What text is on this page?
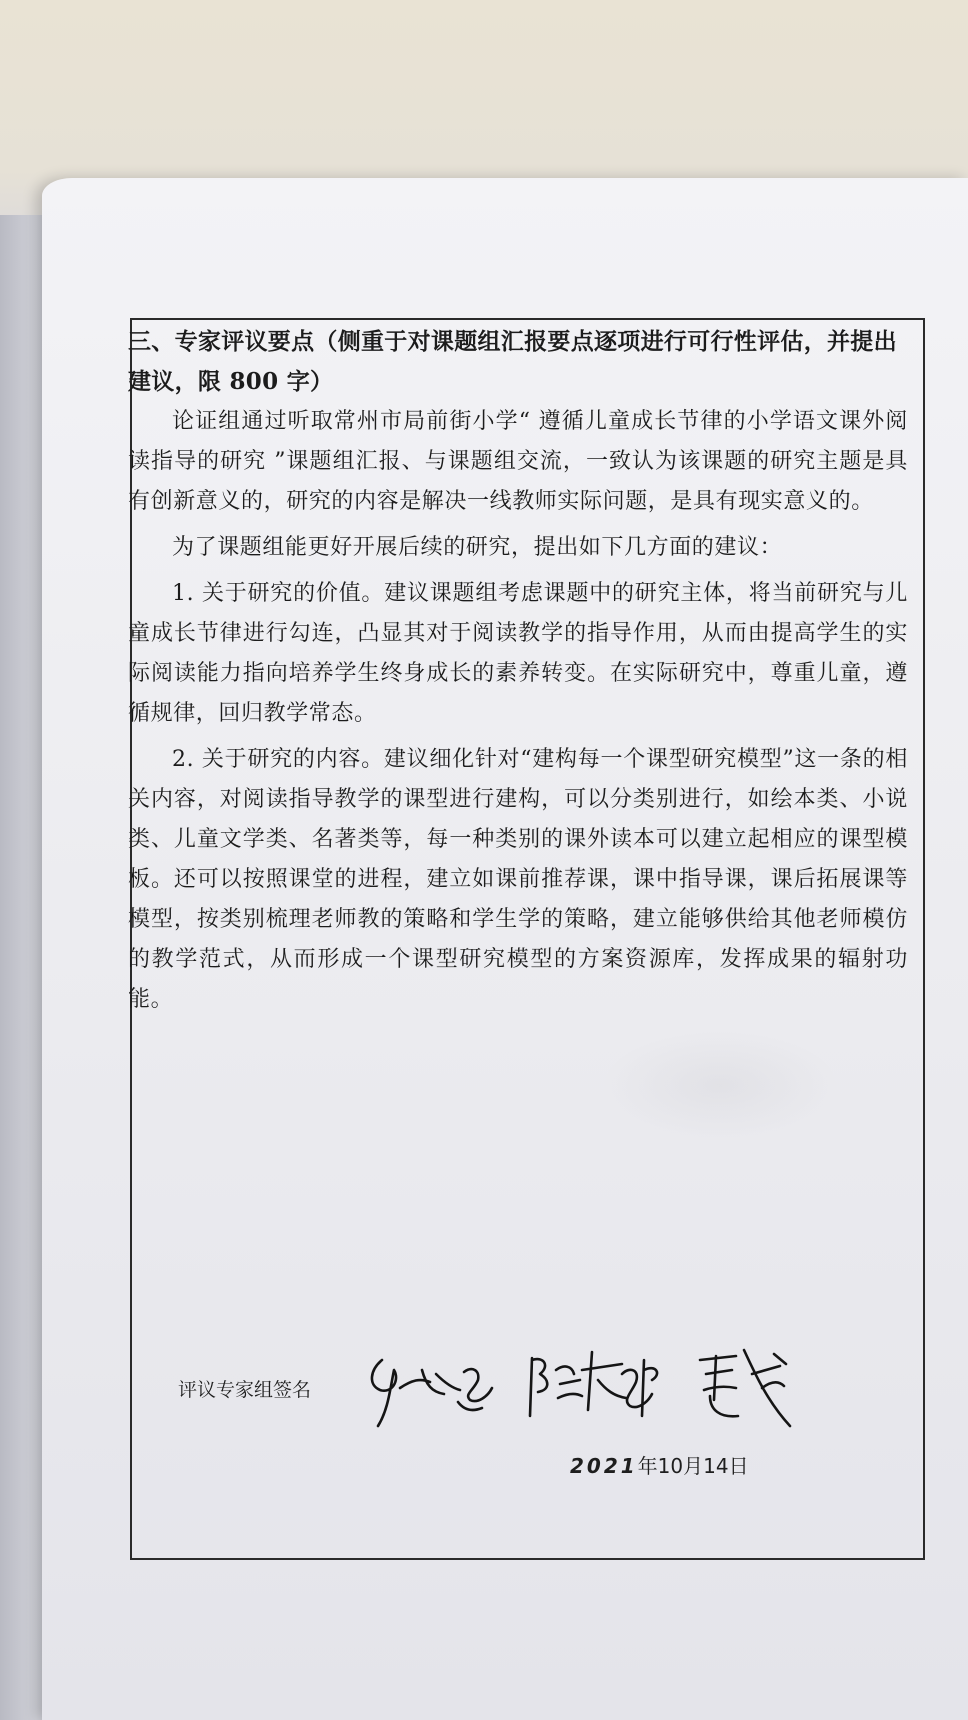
三、专家评议要点（侧重于对课题组汇报要点逐项进行可行性评估，并提出建议，限 800 字）

论证组通过听取常州市局前街小学“ 遵循儿童成长节律的小学语文课外阅读指导的研究 ”课题组汇报、与课题组交流，一致认为该课题的研究主题是具有创新意义的，研究的内容是解决一线教师实际问题，是具有现实意义的。

为了课题组能更好开展后续的研究，提出如下几方面的建议：

1. 关于研究的价值。建议课题组考虑课题中的研究主体，将当前研究与儿童成长节律进行勾连，凸显其对于阅读教学的指导作用，从而由提高学生的实际阅读能力指向培养学生终身成长的素养转变。在实际研究中，尊重儿童，遵循规律，回归教学常态。

2. 关于研究的内容。建议细化针对“建构每一个课型研究模型”这一条的相关内容，对阅读指导教学的课型进行建构，可以分类别进行，如绘本类、小说类、儿童文学类、名著类等，每一种类别的课外读本可以建立起相应的课型模板。还可以按照课堂的进程，建立如课前推荐课，课中指导课，课后拓展课等模型，按类别梳理老师教的策略和学生学的策略，建立能够供给其他老师模仿的教学范式，从而形成一个课型研究模型的方案资源库，发挥成果的辐射功能。

评议专家组签名
2021年10月14日
